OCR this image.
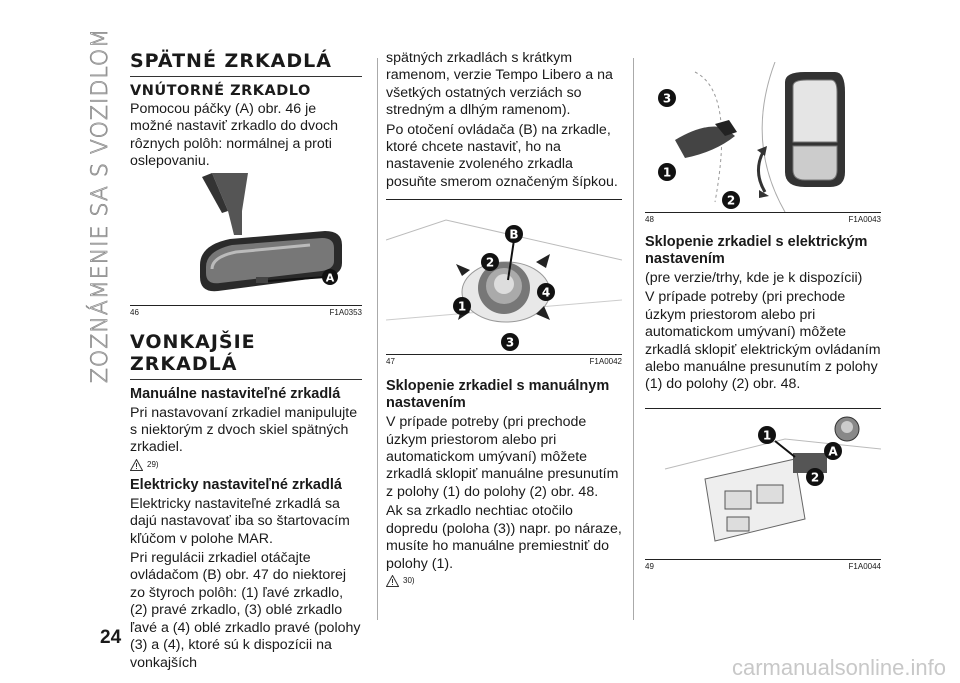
ZOZNÁMENIE SA S VOZIDLOM
24
SPÄTNÉ ZRKADLÁ
VNÚTORNÉ ZRKADLO

Pomocou páčky (A) obr. 46 je možné nastaviť zrkadlo do dvoch rôznych polôh: normálnej a proti oslepovaniu.

A
46	F1A0353
VONKAJŠIE ZRKADLÁ
Manuálne nastaviteľné zrkadlá

Pri nastavovaní zrkadiel manipulujte s niektorým z dvoch skiel spätných zrkadiel.

29)
Elektricky nastaviteľné zrkadlá

Elektricky nastaviteľné zrkadlá sa dajú nastavovať iba so štartovacím kľúčom v polohe MAR.

Pri regulácii zrkadiel otáčajte ovládačom (B) obr. 47 do niektorej zo štyroch polôh: (1) ľavé zrkadlo, (2) pravé zrkadlo, (3) oblé zrkadlo ľavé a (4) oblé zrkadlo pravé (polohy (3) a (4), ktoré sú k dispozícii na vonkajších

spätných zrkadlách s krátkym ramenom, verzie Tempo Libero a na všetkých ostatných verziách so stredným a dlhým ramenom).

Po otočení ovládača (B) na zrkadle, ktoré chcete nastaviť, ho na nastavenie zvoleného zrkadla posuňte smerom označeným šípkou.

B
2
4
1
3
47	F1A0042
Sklopenie zrkadiel s manuálnym nastavením

V prípade potreby (pri prechode úzkym priestorom alebo pri automatickom umývaní) môžete zrkadlá sklopiť manuálne presunutím z polohy (1) do polohy (2) obr. 48.

Ak sa zrkadlo nechtiac otočilo dopredu (poloha (3)) napr. po náraze, musíte ho manuálne premiestniť do polohy (1).

30)
3
1
2
48	F1A0043
Sklopenie zrkadiel s elektrickým nastavením

(pre verzie/trhy, kde je k dispozícii)

V prípade potreby (pri prechode úzkym priestorom alebo pri automatickom umývaní) môžete zrkadlá sklopiť elektrickým ovládaním alebo manuálne presunutím z polohy (1) do polohy (2) obr. 48.

1
A
2
49	F1A0044
carmanualsonline.info
